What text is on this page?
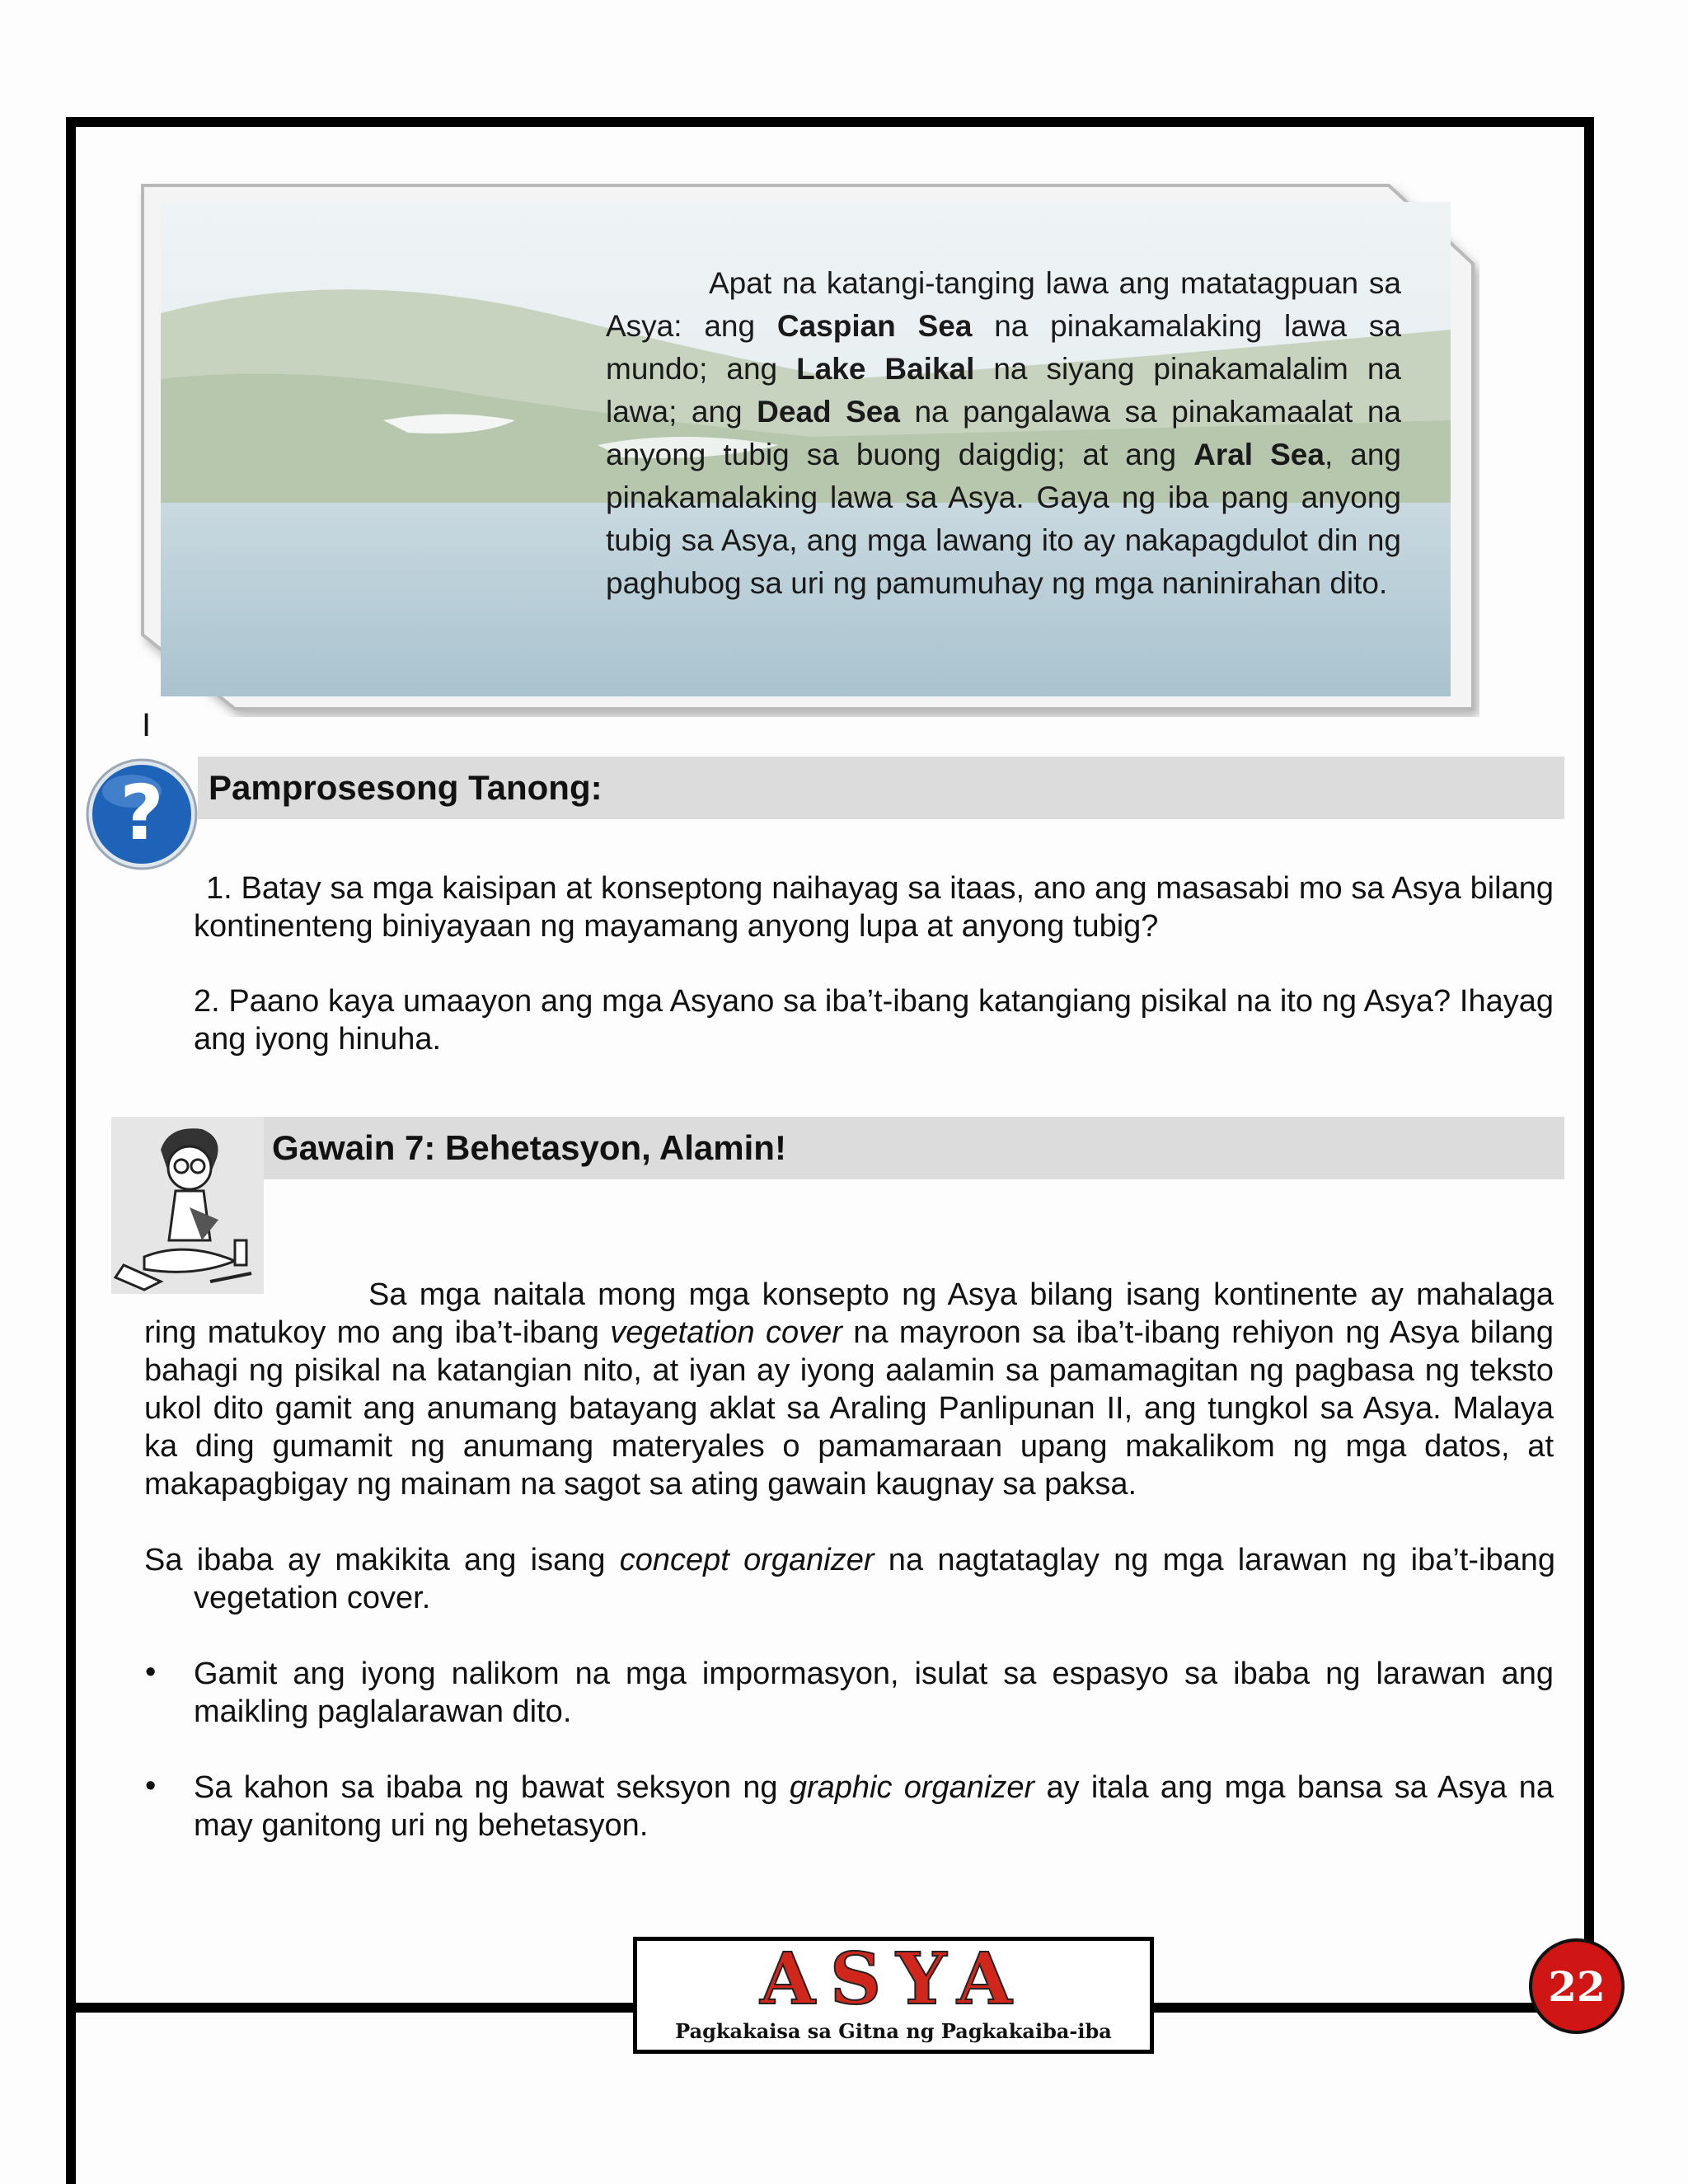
Apat na katangi-tanging lawa ang matatagpuan sa Asya: ang Caspian Sea na pinakamalaking lawa sa mundo; ang Lake Baikal na siyang pinakamalalim na lawa; ang Dead Sea na pangalawa sa pinakamaalat na anyong tubig sa buong daigdig; at ang Aral Sea, ang pinakamalaking lawa sa Asya. Gaya ng iba pang anyong tubig sa Asya, ang mga lawang ito ay nakapagdulot din ng paghubog sa uri ng pamumuhay ng mga naninirahan dito.
I
Pamprosesong Tanong:
?
1. Batay sa mga kaisipan at konseptong naihayag sa itaas, ano ang masasabi mo sa Asya bilang kontinenteng biniyayaan ng mayamang anyong lupa at anyong tubig?
2. Paano kaya umaayon ang mga Asyano sa iba’t-ibang katangiang pisikal na ito ng Asya? Ihayag ang iyong hinuha.
Gawain 7: Behetasyon, Alamin!
Sa mga naitala mong mga konsepto ng Asya bilang isang kontinente ay mahalaga ring matukoy mo ang iba’t-ibang vegetation cover na mayroon sa iba’t-ibang rehiyon ng Asya bilang bahagi ng pisikal na katangian nito, at iyan ay iyong aalamin sa pamamagitan ng pagbasa ng teksto ukol dito gamit ang anumang batayang aklat sa Araling Panlipunan II, ang tungkol sa Asya. Malaya ka ding gumamit ng anumang materyales o pamamaraan upang makalikom ng mga datos, at makapagbigay ng mainam na sagot sa ating gawain kaugnay sa paksa.
Sa ibaba ay makikita ang isang concept organizer na nagtataglay ng mga larawan ng iba’t-ibang
vegetation cover.
• Gamit ang iyong nalikom na mga impormasyon, isulat sa espasyo sa ibaba ng larawan ang maikling paglalarawan dito.
• Sa kahon sa ibaba ng bawat seksyon ng graphic organizer ay itala ang mga bansa sa Asya na may ganitong uri ng behetasyon.
ASYA
Pagkakaisa sa Gitna ng Pagkakaiba-iba
22
